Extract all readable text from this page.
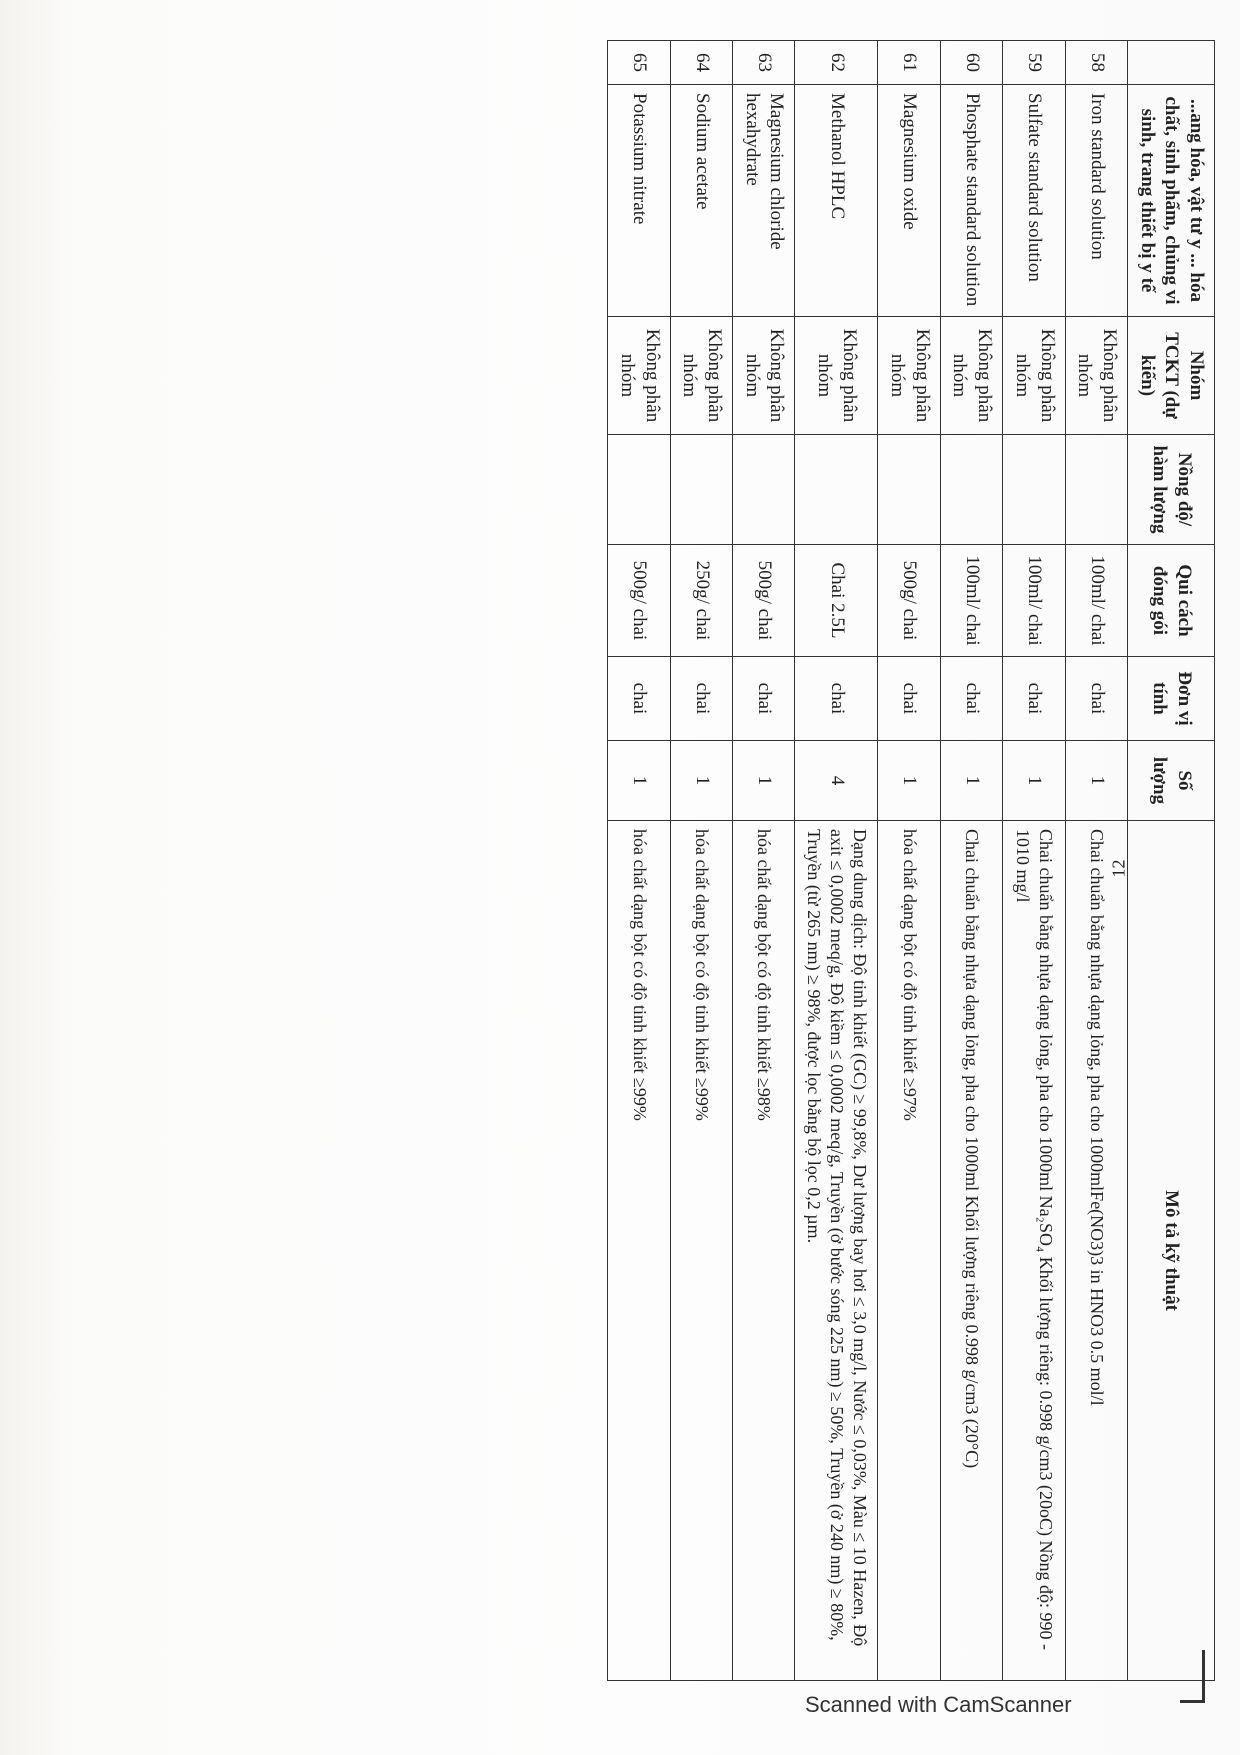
	...ang hóa, vật tư y ... hóa chất, sinh phẩm, chủng vi sinh, trang thiết bị y tế	Nhóm TCKT (dự kiến)	Nồng độ/ hàm lượng	Qui cách đóng gói	Đơn vị tính	Số lượng	Mô tả kỹ thuật
58	Iron standard solution	Không phân nhóm		100ml/ chai	chai	1	Chai chuẩn bằng nhựa dạng lỏng, pha cho 1000mlFe(NO3)3 in HNO3 0.5 mol/l
59	Sulfate standard solution	Không phân nhóm		100ml/ chai	chai	1	Chai chuẩn bằng nhựa dạng lỏng, pha cho 1000ml Na₂SO₄ Khối lượng riêng: 0.998 g/cm3 (20oC) Nồng độ: 990 - 1010 mg/l
60	Phosphate standard solution	Không phân nhóm		100ml/ chai	chai	1	Chai chuẩn bằng nhựa dạng lỏng, pha cho 1000ml Khối lượng riêng 0.998 g/cm3 (20°C)
61	Magnesium oxide	Không phân nhóm		500g/ chai	chai	1	hóa chất dạng bột có độ tinh khiết ≥97%
62	Methanol HPLC	Không phân nhóm		Chai 2.5L	chai	4	Dạng dung dịch: Độ tinh khiết (GC) ≥ 99,8%, Dư lượng bay hơi ≤ 3,0 mg/l, Nước ≤ 0,03%, Màu ≤ 10 Hazen, Độ axit ≤ 0,0002 meq/g, Độ kiềm ≤ 0,0002 meq/g, Truyền (ở bước sóng 225 nm) ≥ 50%, Truyền (ở 240 nm) ≥ 80%, Truyền (từ 265 nm) ≥ 98%, được lọc bằng bộ lọc 0,2 µm.
63	Magnesium chloride hexahydrate	Không phân nhóm		500g/ chai	chai	1	hóa chất dạng bột có độ tinh khiết ≥98%
64	Sodium acetate	Không phân nhóm		250g/ chai	chai	1	hóa chất dạng bột có độ tinh khiết ≥99%
65	Potassium nitrate	Không phân nhóm		500g/ chai	chai	1	hóa chất dạng bột có độ tinh khiết ≥99%	12
Scanned with CamScanner
